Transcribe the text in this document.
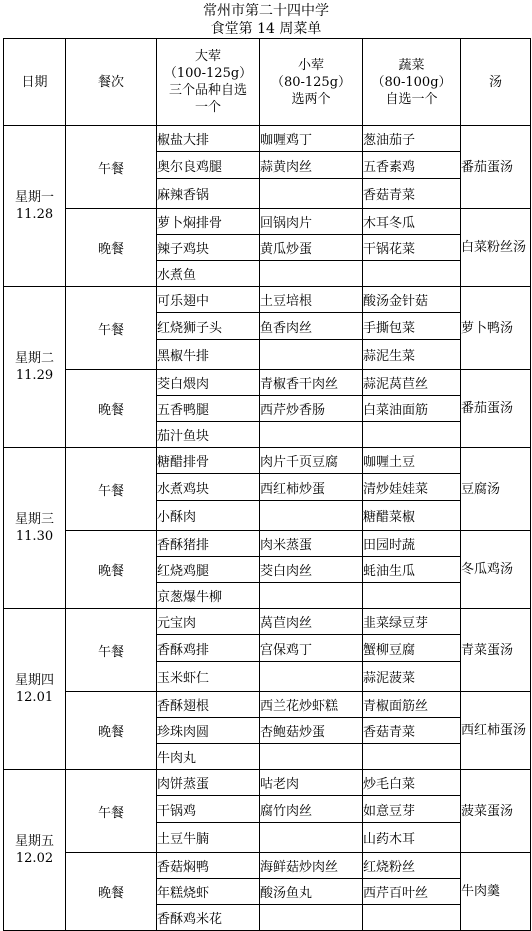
常州市第二十四中学
食堂第 14 周菜单
日期	餐次	大荤
（100-125g）
三个品种自选
一个	小荤
（80-125g）
选两个	蔬菜
（80-100g）
自选一个	汤

星期一
11.28	午餐	椒盐大排	咖喱鸡丁	葱油茄子	番茄蛋汤
		奥尔良鸡腿	蒜黄肉丝	五香素鸡	
		麻辣香锅		香菇青菜	
	晚餐	萝卜焖排骨	回锅肉片	木耳冬瓜	白菜粉丝汤
		辣子鸡块	黄瓜炒蛋	干锅花菜	
		水煮鱼			

星期二
11.29	午餐	可乐翅中	土豆培根	酸汤金针菇	萝卜鸭汤
		红烧狮子头	鱼香肉丝	手撕包菜	
		黑椒牛排		蒜泥生菜	
	晚餐	茭白煨肉	青椒香干肉丝	蒜泥莴苣丝	番茄蛋汤
		五香鸭腿	西芹炒香肠	白菜油面筋	
		茄汁鱼块			

星期三
11.30	午餐	糖醋排骨	肉片千页豆腐	咖喱土豆	豆腐汤
		水煮鸡块	西红柿炒蛋	清炒娃娃菜	
		小酥肉		糖醋菜椒	
	晚餐	香酥猪排	肉米蒸蛋	田园时蔬	冬瓜鸡汤
		红烧鸡腿	茭白肉丝	蚝油生瓜	
		京葱爆牛柳			

星期四
12.01	午餐	元宝肉	莴苣肉丝	韭菜绿豆芽	青菜蛋汤
		香酥鸡排	宫保鸡丁	蟹柳豆腐	
		玉米虾仁		蒜泥菠菜	
	晚餐	香酥翅根	西兰花炒虾糕	青椒面筋丝	西红柿蛋汤
		珍珠肉圆	杏鲍菇炒蛋	香菇青菜	
		牛肉丸			

星期五
12.02	午餐	肉饼蒸蛋	咕老肉	炒毛白菜	菠菜蛋汤
		干锅鸡	腐竹肉丝	如意豆芽	
		土豆牛腩		山药木耳	
	晚餐	香菇焖鸭	海鲜菇炒肉丝	红烧粉丝	牛肉羹
		年糕烧虾	酸汤鱼丸	西芹百叶丝	
		香酥鸡米花			
